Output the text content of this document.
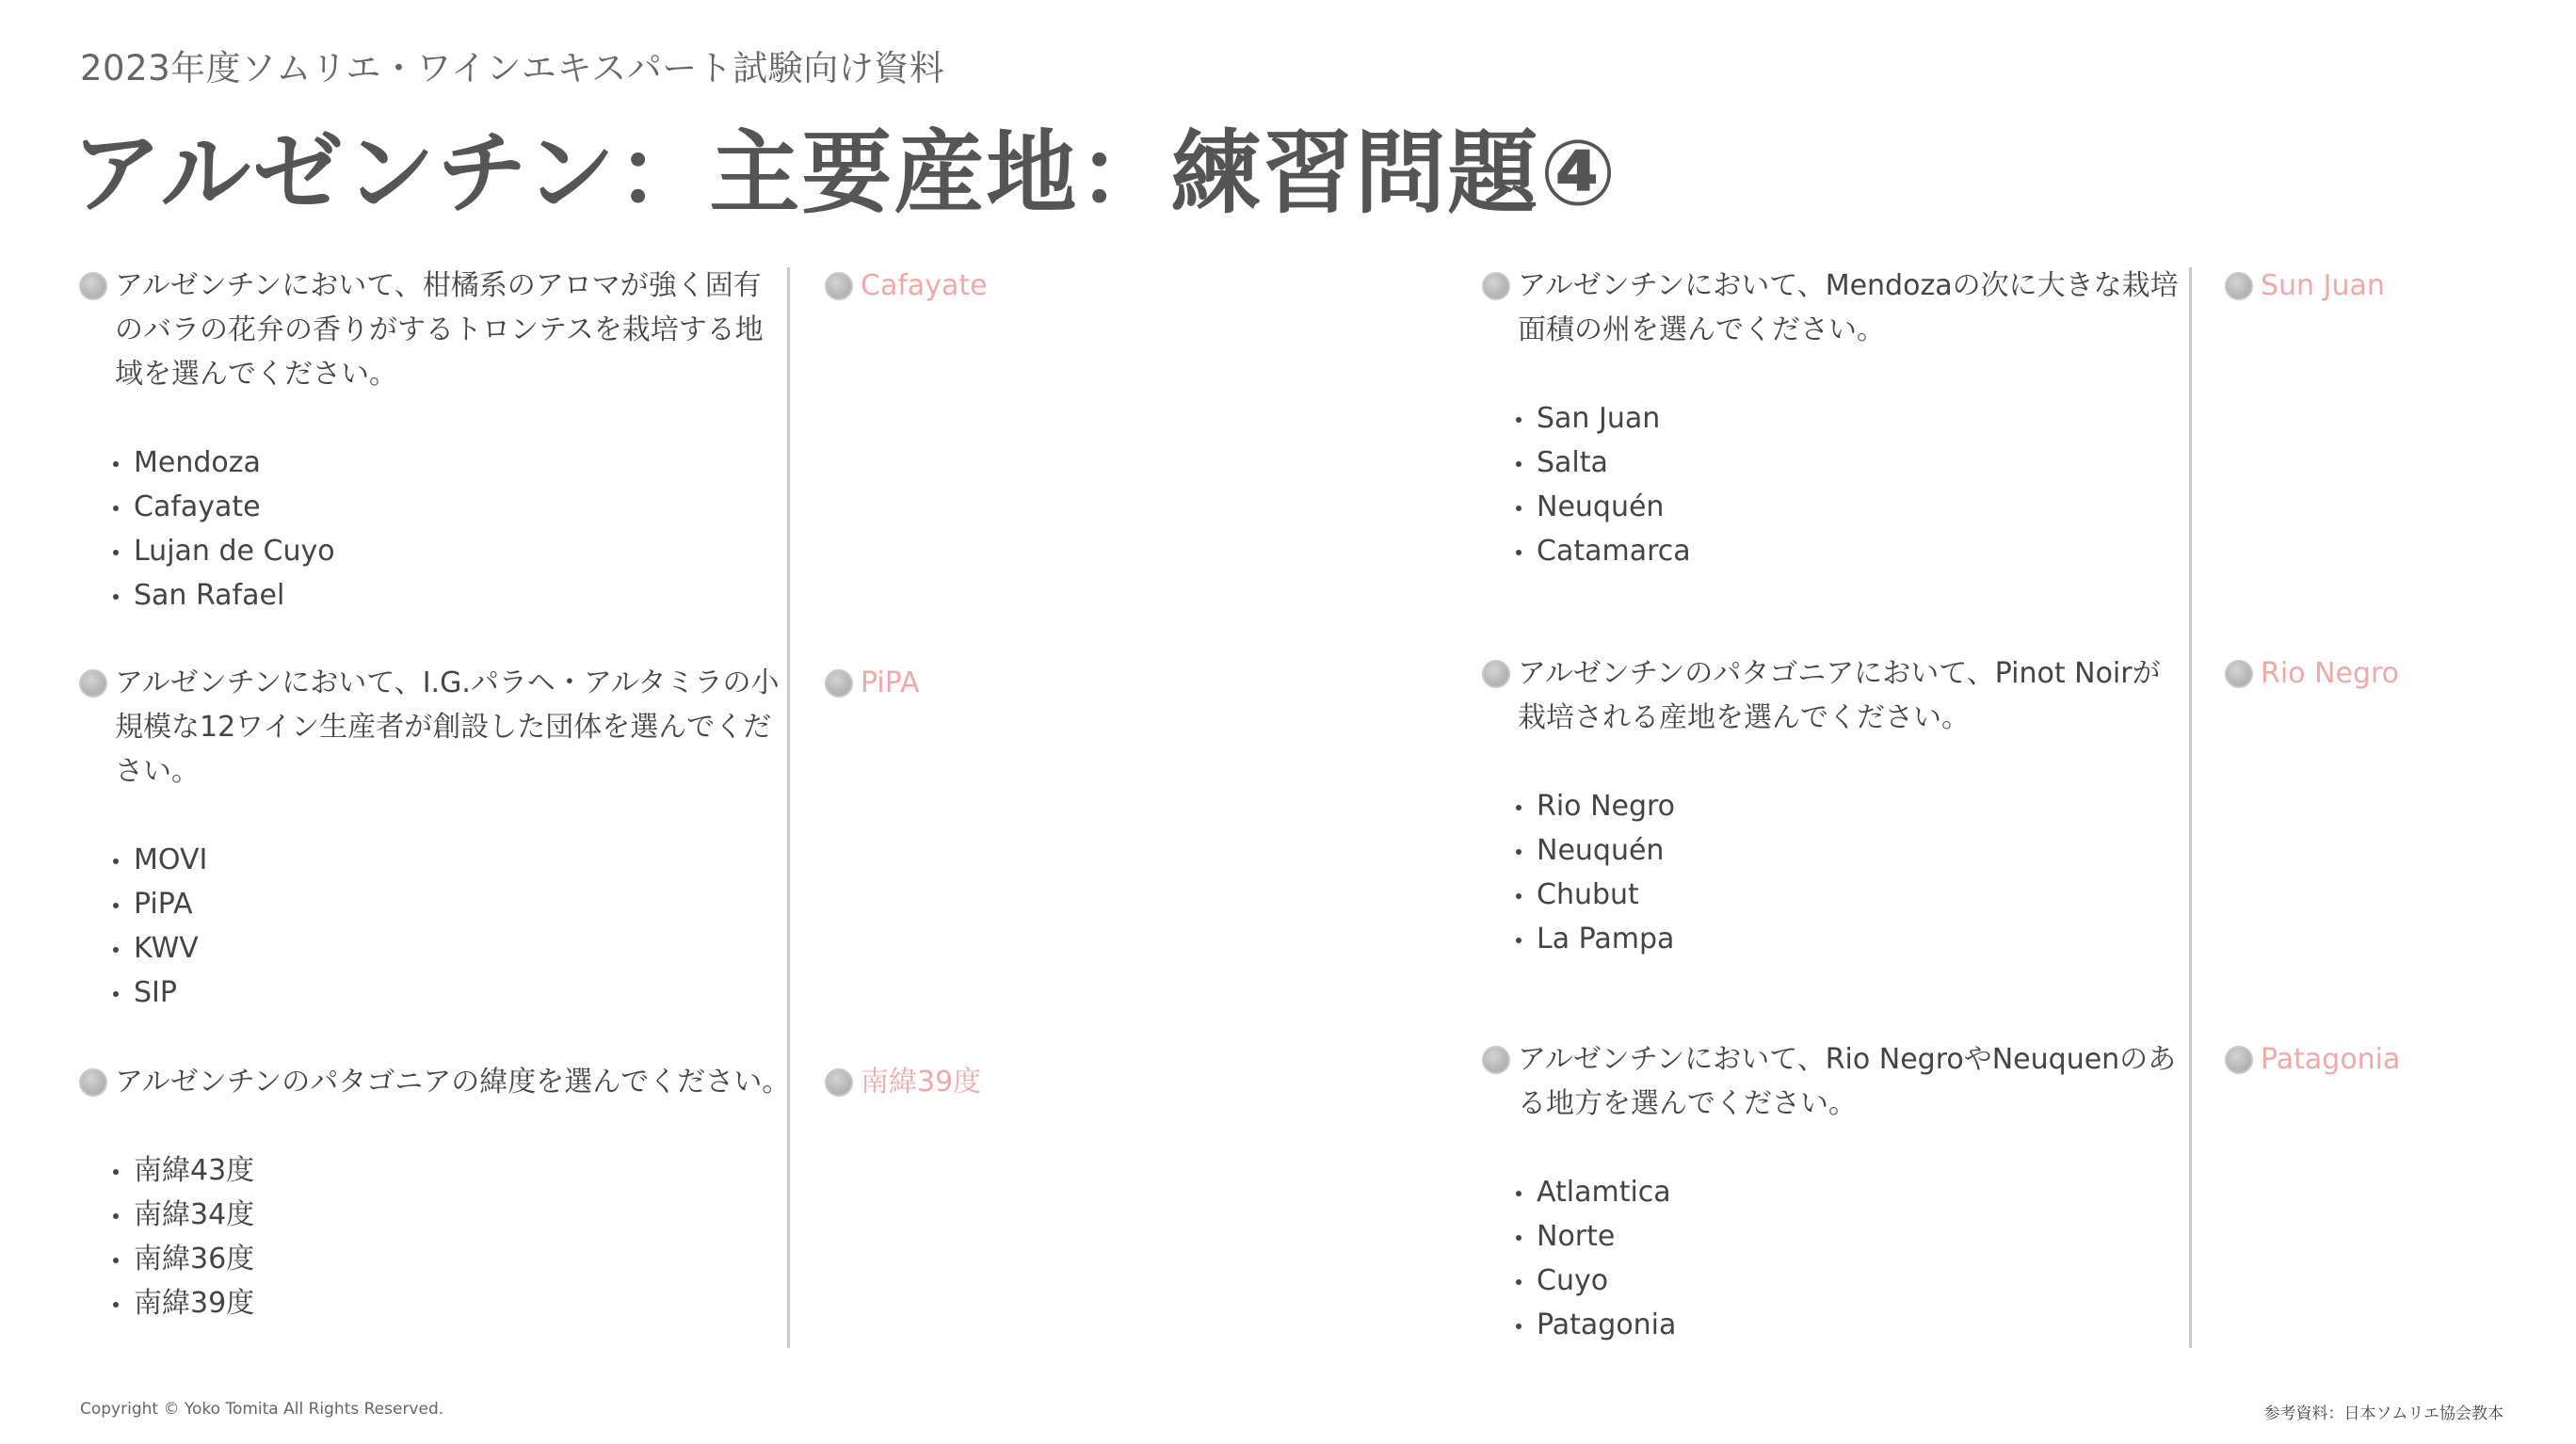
2023年度ソムリエ・ワインエキスパート試験向け資料
アルゼンチン：主要産地：練習問題④
アルゼンチンにおいて、柑橘系のアロマが強く固有のバラの花弁の香りがするトロンテスを栽培する地域を選んでください。
Mendoza
Cafayate
Lujan de Cuyo
San Rafael
Cafayate
アルゼンチンにおいて、I.G.パラヘ・アルタミラの小規模な12ワイン生産者が創設した団体を選んでください。
MOVI
PiPA
KWV
SIP
PiPA
アルゼンチンのパタゴニアの緯度を選んでください。
南緯43度
南緯34度
南緯36度
南緯39度
南緯39度
アルゼンチンにおいて、Mendozaの次に大きな栽培面積の州を選んでください。
San Juan
Salta
Neuquén
Catamarca
Sun Juan
アルゼンチンのパタゴニアにおいて、Pinot Noirが栽培される産地を選んでください。
Rio Negro
Neuquén
Chubut
La Pampa
Rio Negro
アルゼンチンにおいて、Rio NegroやNeuquenのある地方を選んでください。
Atlamtica
Norte
Cuyo
Patagonia
Patagonia
Copyright © Yoko Tomita All Rights Reserved.	参考資料：日本ソムリエ協会教本
